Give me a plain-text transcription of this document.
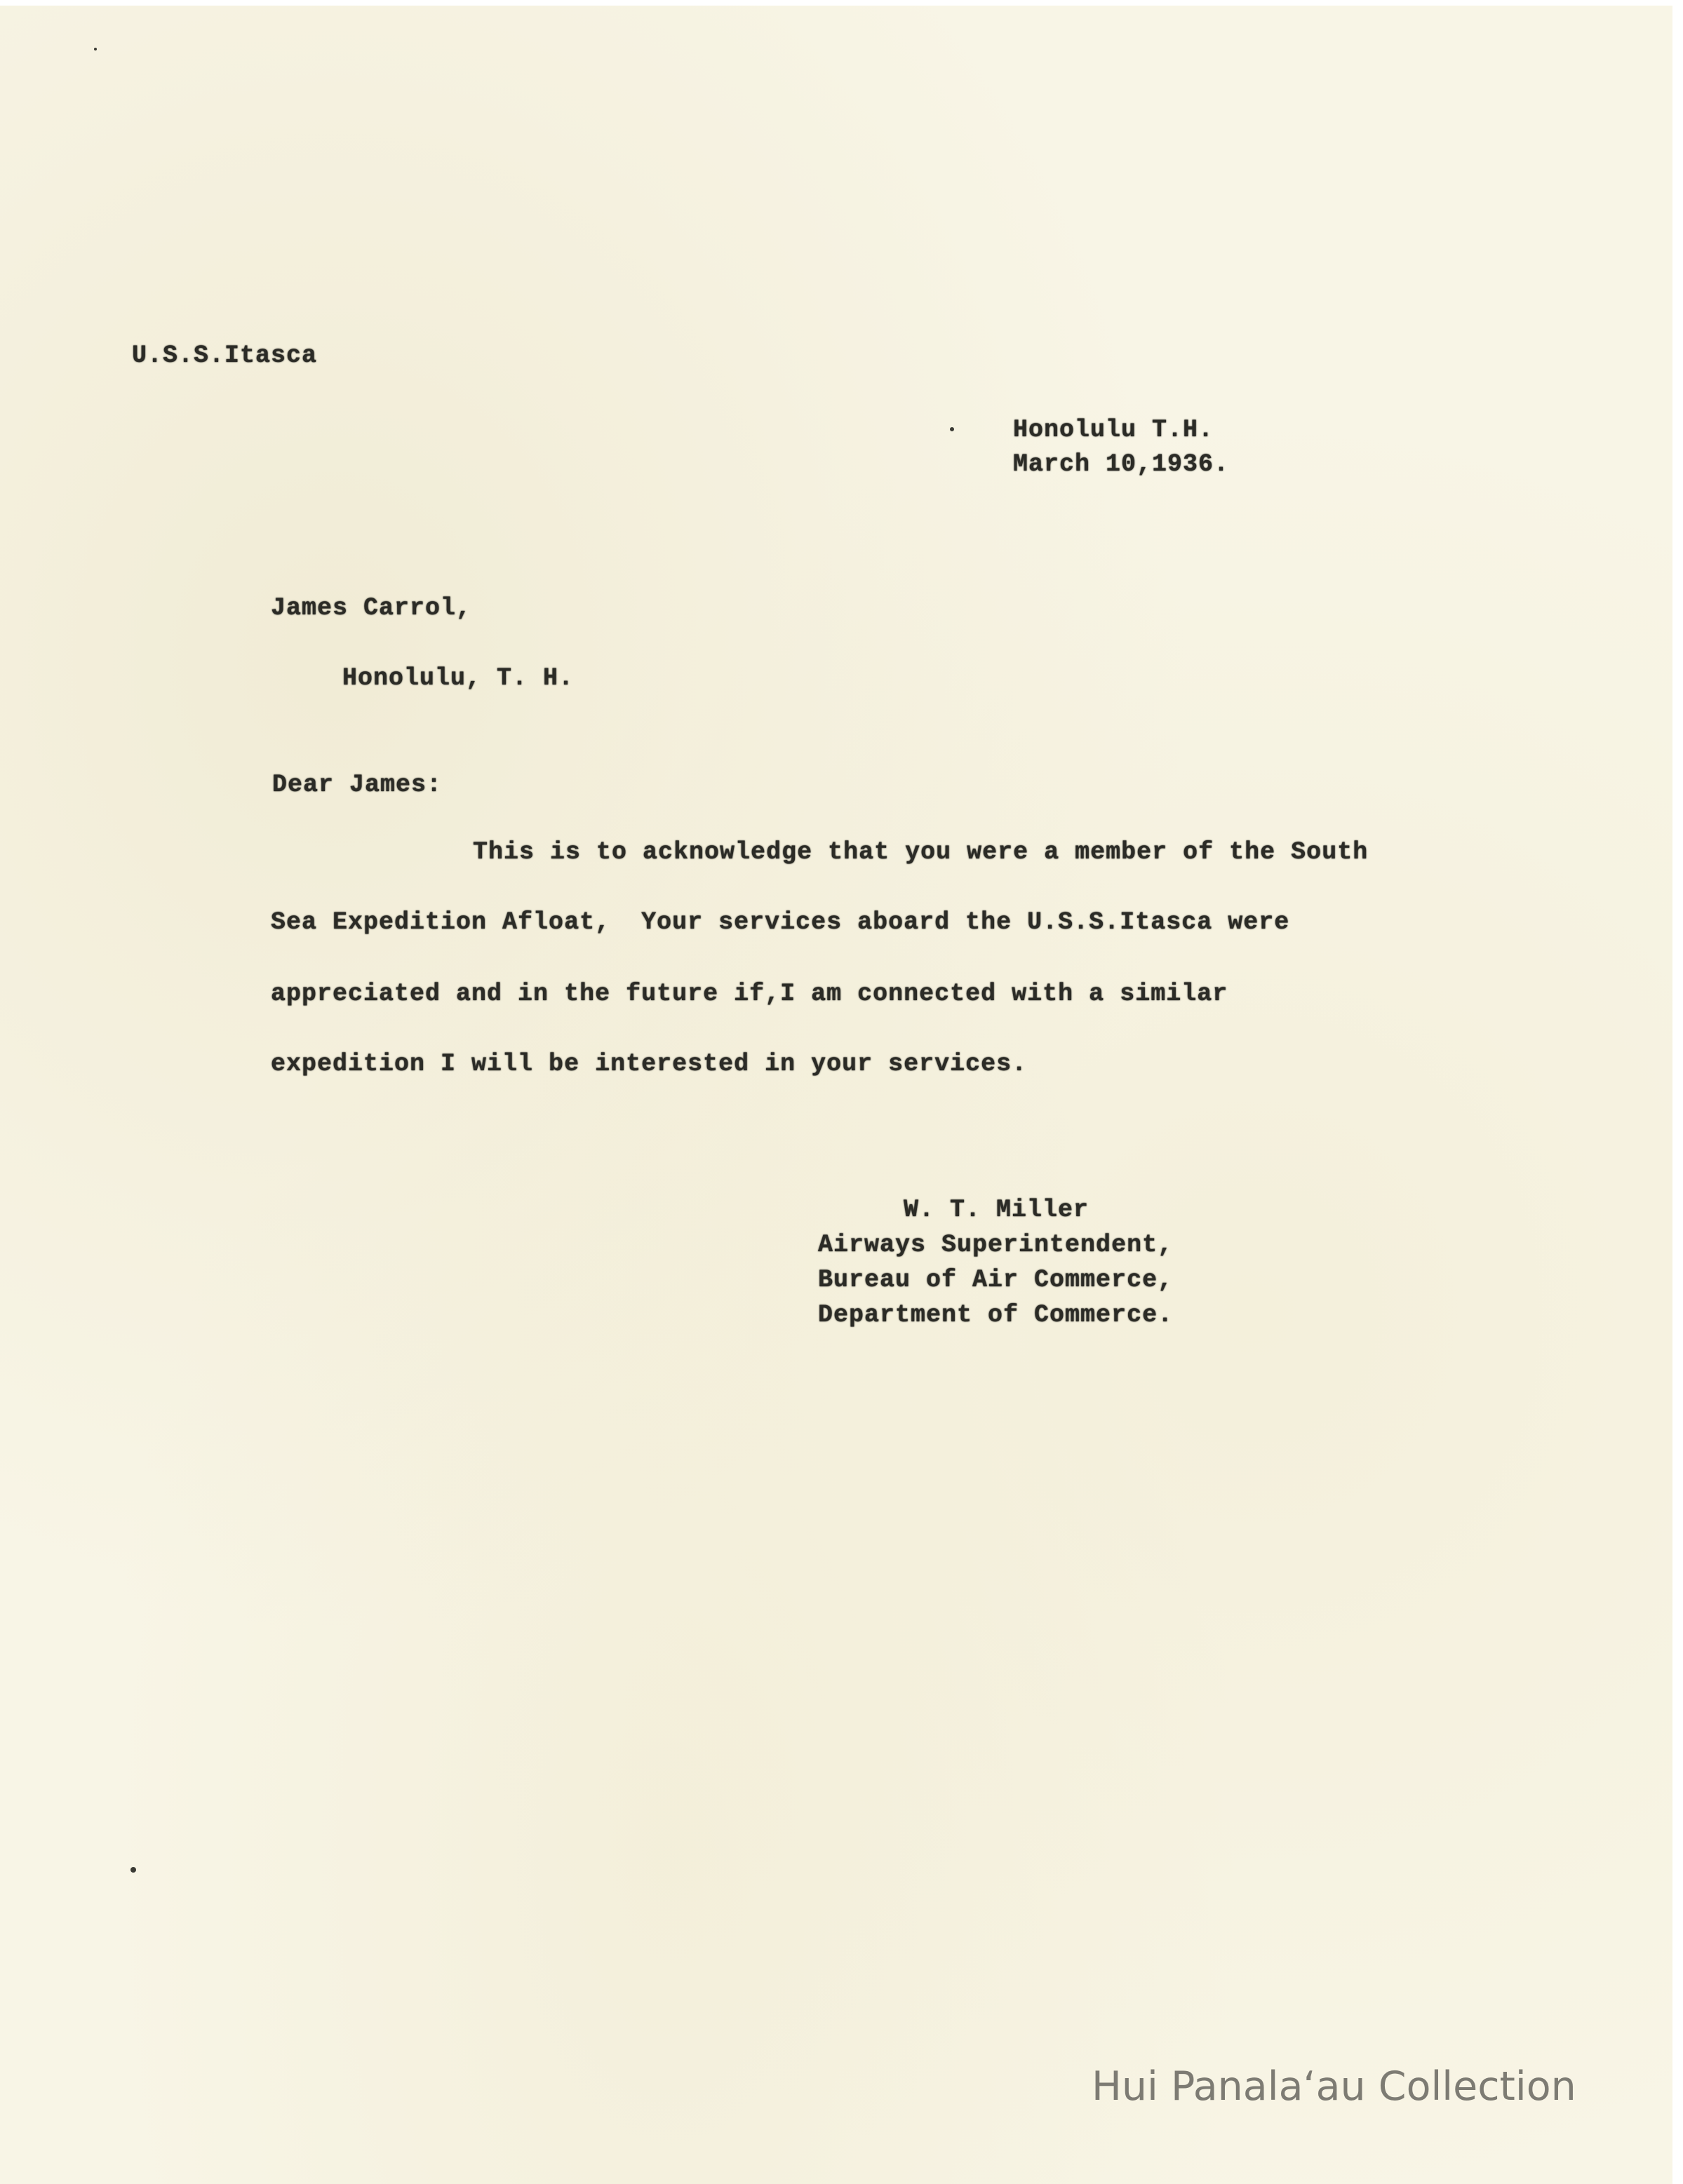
U.S.S.Itasca
Honolulu T.H.
March 10,1936.
James Carrol,
Honolulu, T. H.
Dear James:
This is to acknowledge that you were a member of the South
Sea Expedition Afloat,  Your services aboard the U.S.S.Itasca were
appreciated and in the future if,I am connected with a similar
expedition I will be interested in your services.
W. T. Miller
Airways Superintendent,
Bureau of Air Commerce,
Department of Commerce.
Hui Panala‘au Collection
